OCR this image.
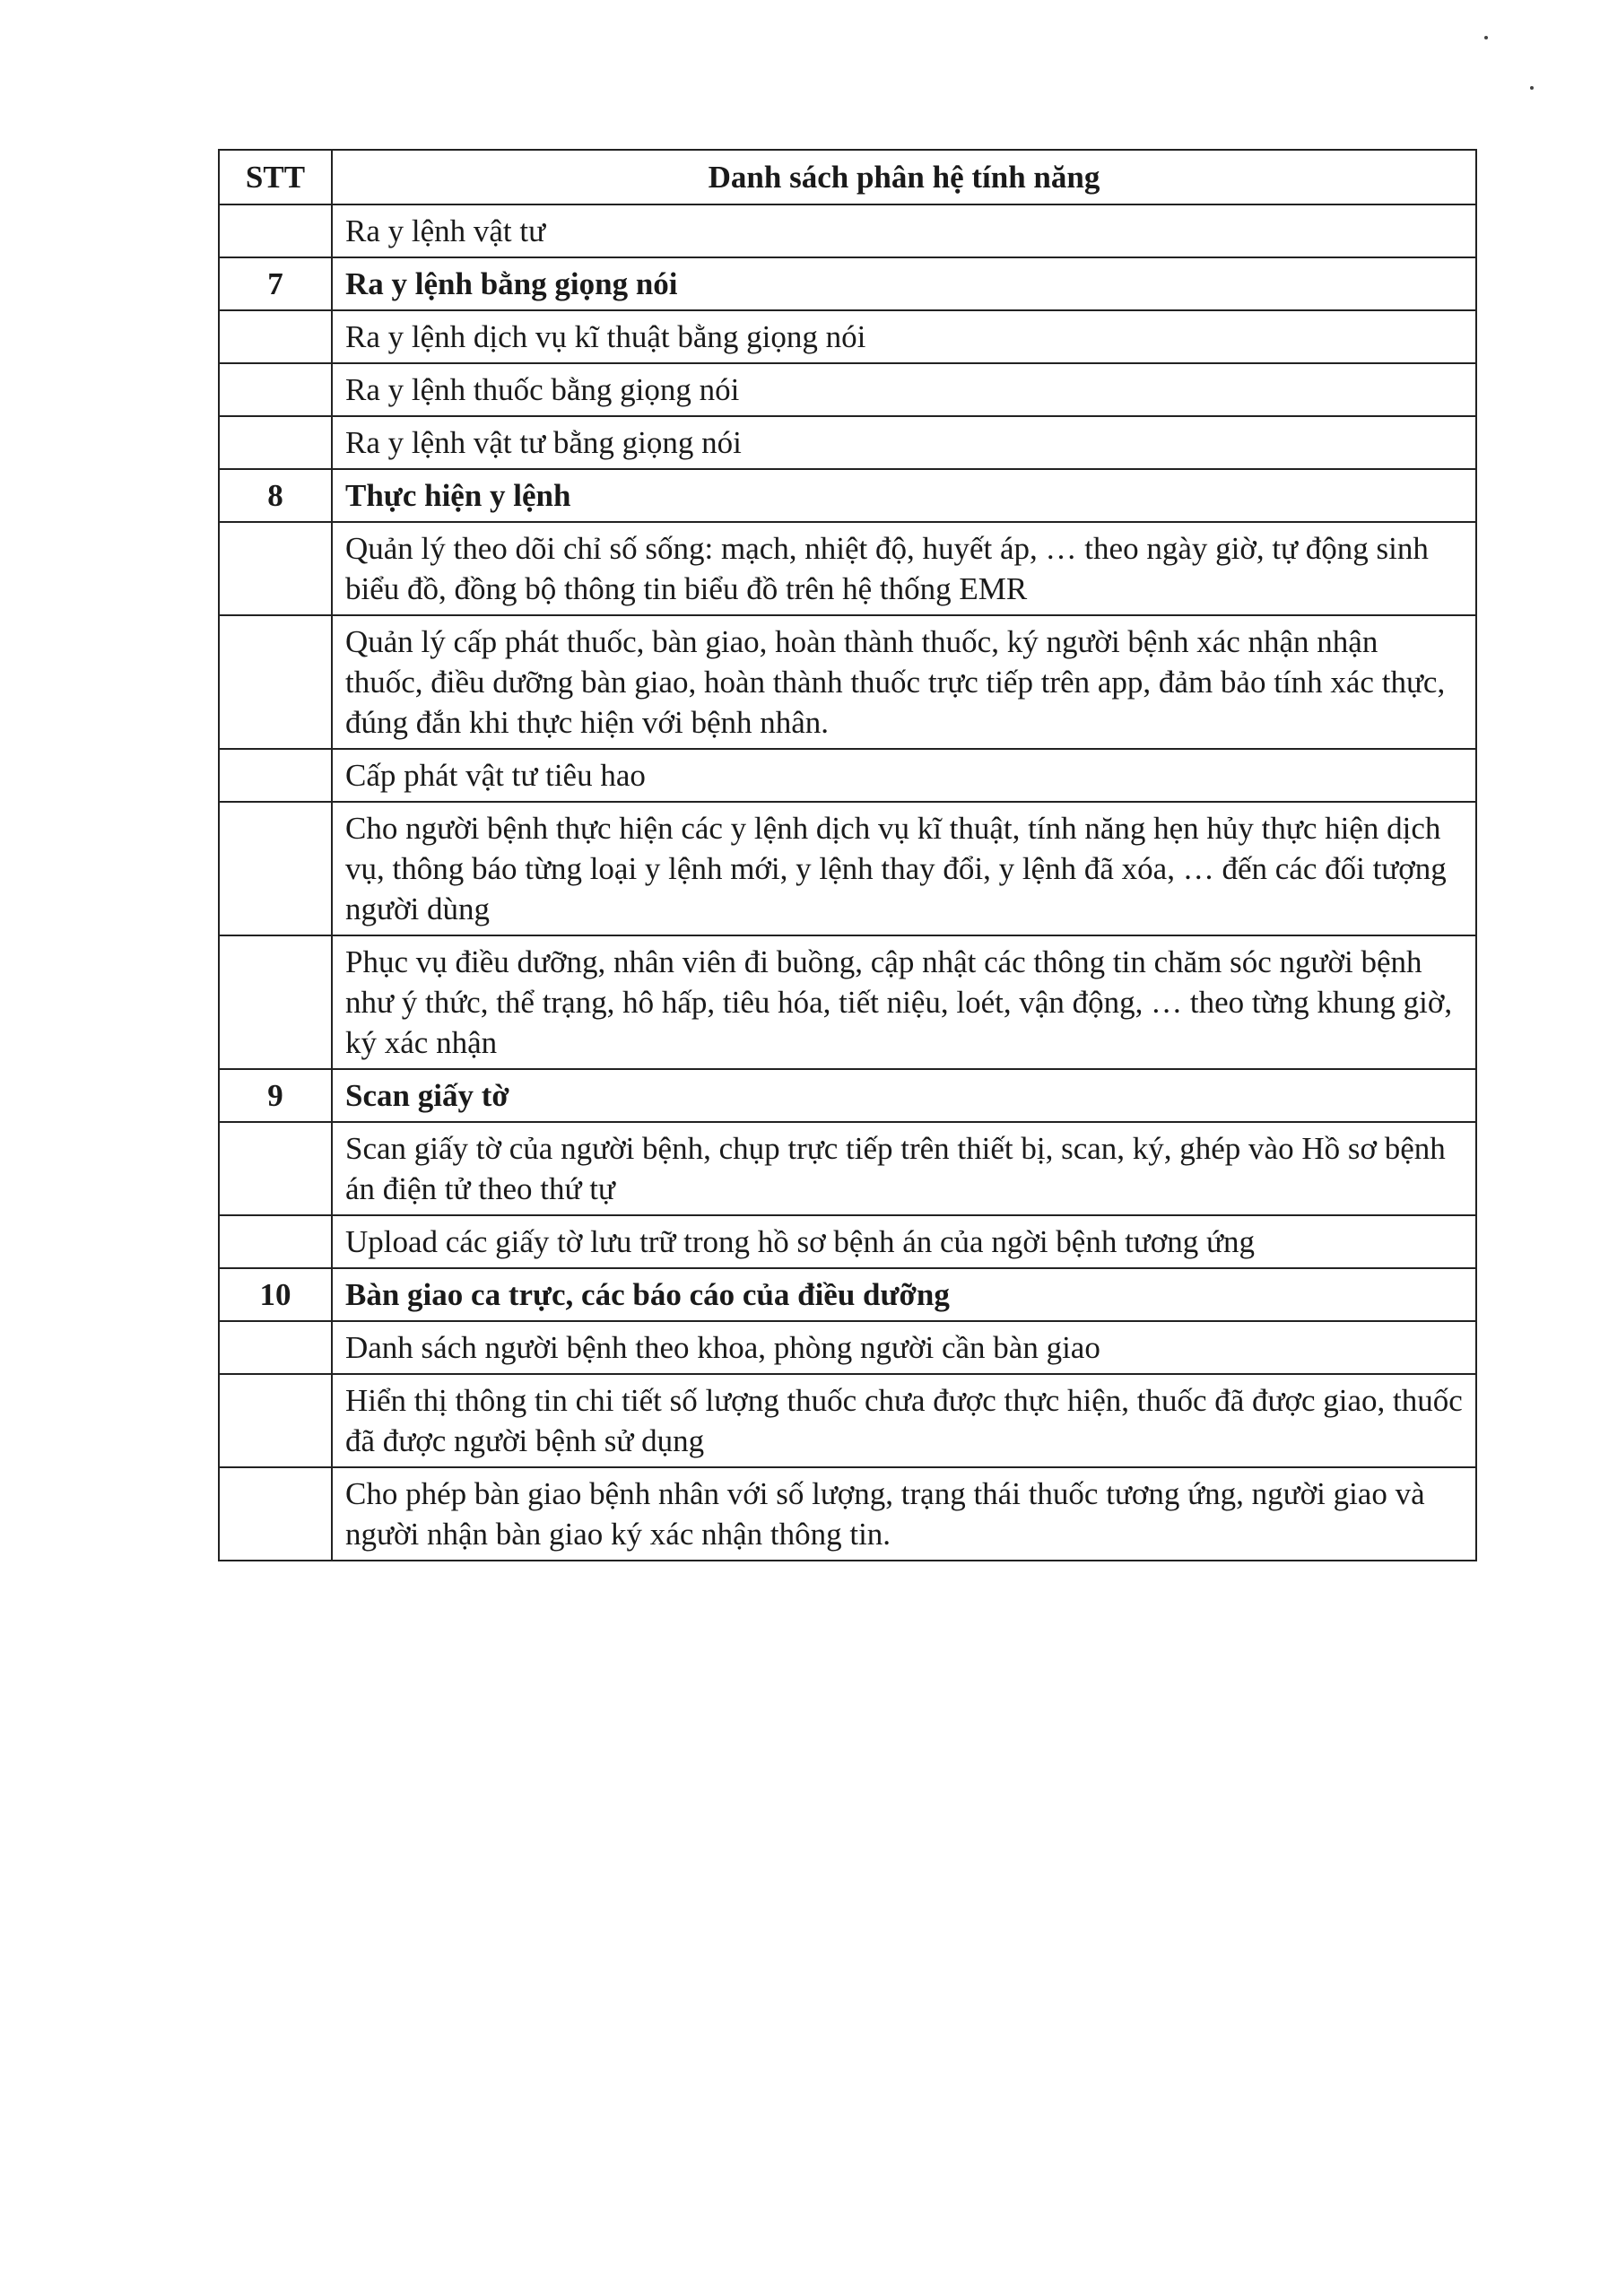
STT	Danh sách phân hệ tính năng
	Ra y lệnh vật tư
7	Ra y lệnh bằng giọng nói
	Ra y lệnh dịch vụ kĩ thuật bằng giọng nói
	Ra y lệnh thuốc bằng giọng nói
	Ra y lệnh vật tư bằng giọng nói
8	Thực hiện y lệnh
	Quản lý theo dõi chỉ số sống: mạch, nhiệt độ, huyết áp, … theo ngày giờ, tự động sinh biểu đồ, đồng bộ thông tin biểu đồ trên hệ thống EMR
	Quản lý cấp phát thuốc, bàn giao, hoàn thành thuốc, ký người bệnh xác nhận nhận thuốc, điều dưỡng bàn giao, hoàn thành thuốc trực tiếp trên app, đảm bảo tính xác thực, đúng đắn khi thực hiện với bệnh nhân.
	Cấp phát vật tư tiêu hao
	Cho người bệnh thực hiện các y lệnh dịch vụ kĩ thuật, tính năng hẹn hủy thực hiện dịch vụ, thông báo từng loại y lệnh mới, y lệnh thay đổi, y lệnh đã xóa, … đến các đối tượng người dùng
	Phục vụ điều dưỡng, nhân viên đi buồng, cập nhật các thông tin chăm sóc người bệnh như ý thức, thể trạng, hô hấp, tiêu hóa, tiết niệu, loét, vận động, … theo từng khung giờ, ký xác nhận
9	Scan giấy tờ
	Scan giấy tờ của người bệnh, chụp trực tiếp trên thiết bị, scan, ký, ghép vào Hồ sơ bệnh án điện tử theo thứ tự
	Upload các giấy tờ lưu trữ trong hồ sơ bệnh án của ngời bệnh tương ứng
10	Bàn giao ca trực, các báo cáo của điều dưỡng
	Danh sách người bệnh theo khoa, phòng người cần bàn giao
	Hiển thị thông tin chi tiết số lượng thuốc chưa được thực hiện, thuốc đã được giao, thuốc đã được người bệnh sử dụng
	Cho phép bàn giao bệnh nhân với số lượng, trạng thái thuốc tương ứng, người giao và người nhận bàn giao ký xác nhận thông tin.
